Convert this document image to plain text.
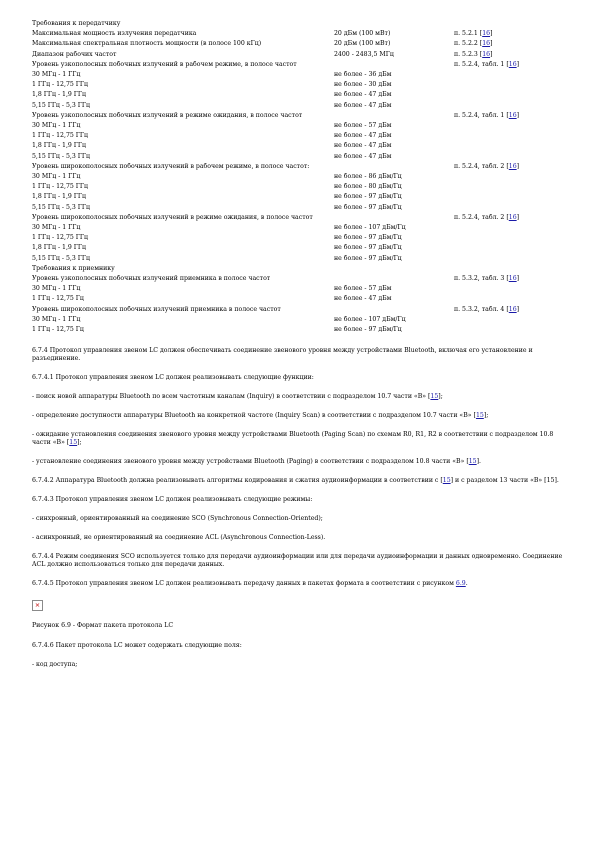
Требования к передатчику		
Максимальная мощность излучения передатчика	20 дБм (100 мВт)	п. 5.2.1 [16]
Максимальная спектральная плотность мощности (в полосе 100 кГц)	20 дБм (100 мВт)	п. 5.2.2 [16]
Диапазон рабочих частот	2400 - 2483,5 МГц	п. 5.2.3 [16]
Уровень узкополосных побочных излучений в рабочем режиме, в полосе частот		п. 5.2.4, табл. 1 [16]
30 МГц - 1 ГГц	не более - 36 дБм	
1 ГГц - 12,75 ГГц	не более - 30 дБм	
1,8 ГГц - 1,9 ГГц	не более - 47 дБм	
5,15 ГГц - 5,3 ГГц	не более - 47 дБм	
Уровень узкополосных побочных излучений в режиме ожидания, в полосе частот		п. 5.2.4, табл. 1 [16]
30 МГц - 1 ГГц	не более - 57 дБм	
1 ГГц - 12,75 ГГц	не более - 47 дБм	
1,8 ГГц - 1,9 ГГц	не более - 47 дБм	
5,15 ГГц - 5,3 ГГц	не более - 47 дБм	
Уровень широкополосных побочных излучений в рабочем режиме, в полосе частот:		п. 5.2.4, табл. 2 [16]
30 МГц - 1 ГГц	не более - 86 дБм/Гц	
1 ГГц - 12,75 ГГц	не более - 80 дБм/Гц	
1,8 ГГц - 1,9 ГГц	не более - 97 дБм/Гц	
5,15 ГГц - 5,3 ГГц	не более - 97 дБм/Гц	
Уровень широкополосных побочных излучений в режиме ожидания, в полосе частот		п. 5.2.4, табл. 2 [16]
30 МГц - 1 ГГц	не более - 107 дБм/Гц	
1 ГГц - 12,75 ГГц	не более - 97 дБм/Гц	
1,8 ГГц - 1,9 ГГц	не более - 97 дБм/Гц	
5,15 ГГц - 5,3 ГГц	не более - 97 дБм/Гц	
Требования к приемнику		
Уровень узкополосных побочных излучений приемника в полосе частот		п. 5.3.2, табл. 3 [16]
30 МГц - 1 ГГц	не более - 57 дБм	
1 ГГц - 12,75 Гц	не более - 47 дБм	
Уровень широкополосных побочных излучений приемника в полосе частот		п. 5.3.2, табл. 4 [16]
30 МГц - 1 ГГц	не более - 107 дБм/Гц	
1 ГГц - 12,75 Гц	не более - 97 дБм/Гц	

6.7.4 Протокол управления звеном LC должен обеспечивать соединение звенового уровня между устройствами Bluetooth, включая его установление и разъединение.

6.7.4.1 Протокол управления звеном LC должен реализовывать следующие функции:

- поиск новой аппаратуры Bluetooth по всем частотным каналам (Inquiry) в соответствии с подразделом 10.7 части «B» [15];

- определение доступности аппаратуры Bluetooth на конкретной частоте (Inquiry Scan) в соответствии с подразделом 10.7 части «B» [15];

- ожидание установления соединения звенового уровня между устройствами Bluetooth (Paging Scan) по схемам R0, R1, R2 в соответствии с подразделом 10.8 части «B» [15];

- установление соединения звенового уровня между устройствами Bluetooth (Paging) в соответствии с подразделом 10.8 части «B» [15].

6.7.4.2 Аппаратура Bluetooth должна реализовывать алгоритмы кодирования и сжатия аудиоинформации в соответствии с [15] и с разделом 13 части «B» [15].

6.7.4.3 Протокол управления звеном LC должен реализовывать следующие режимы:

- синхронный, ориентированный на соединение SCO (Synchronous Connection-Oriented);

- асинхронный, не ориентированный на соединение ACL (Asynchronous Connection-Less).

6.7.4.4 Режим соединения SCO используется только для передачи аудиоинформации или для передачи аудиоинформации и данных одновременно. Соединение ACL должно использоваться только для передачи данных.

6.7.4.5 Протокол управления звеном LC должен реализовывать передачу данных в пакетах формата в соответствии с рисунком 6.9.

×

Рисунок 6.9 - Формат пакета протокола LC

6.7.4.6 Пакет протокола LC может содержать следующие поля:

- код доступа;
